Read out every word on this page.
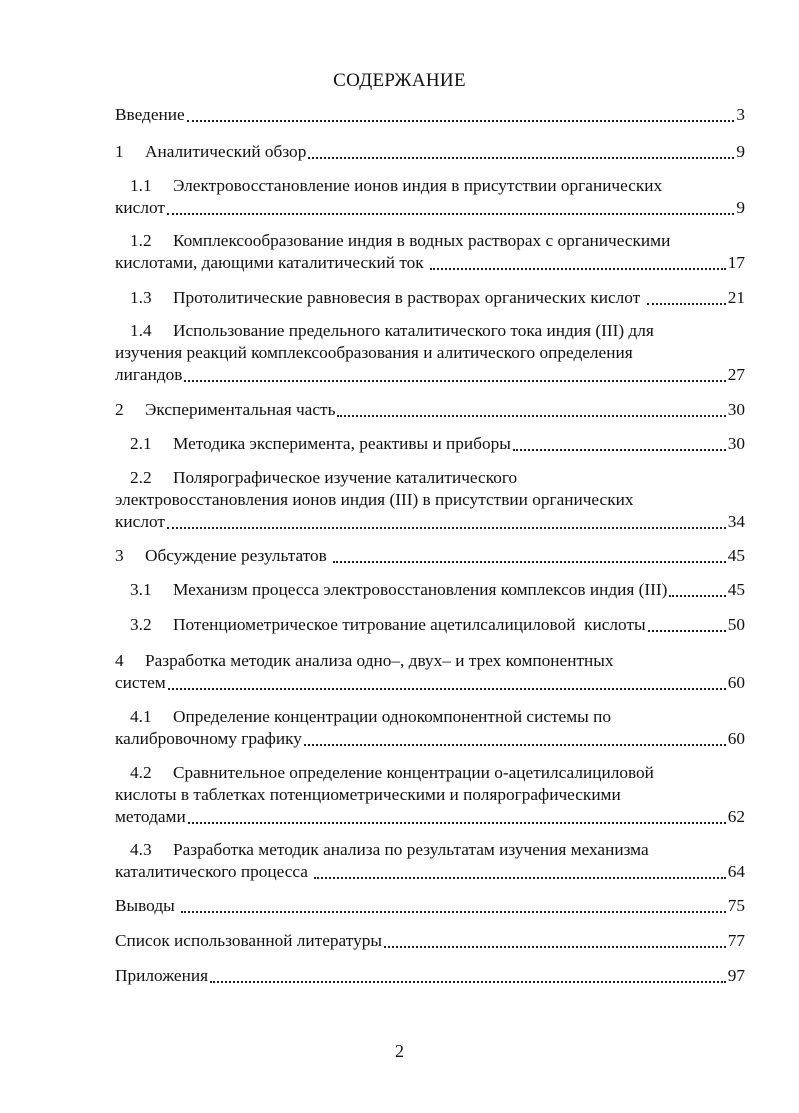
СОДЕРЖАНИЕ
Введение	3
1 Аналитический обзор	9
1.1 Электровосстановление ионов индия в присутствии органических
кислот	9
1.2 Комплексообразование индия в водных растворах с органическими
кислотами, дающими каталитический ток	17
1.3 Протолитические равновесия в растворах органических кислот	21
1.4 Использование предельного каталитического тока индия (III) для
изучения реакций комплексообразования и алитического определения
лигандов	27
2 Экспериментальная часть	30
2.1 Методика эксперимента, реактивы и приборы	30
2.2 Полярографическое изучение каталитического
электровосстановления ионов индия (III) в присутствии органических
кислот	34
3 Обсуждение результатов	45
3.1 Механизм процесса электровосстановления комплексов индия (III)	45
3.2 Потенциометрическое титрование ацетилсалициловой  кислоты	50
4 Разработка методик анализа одно–, двух– и трех компонентных
систем	60
4.1 Определение концентрации однокомпонентной системы по
калибровочному графику	60
4.2 Сравнительное определение концентрации о-ацетилсалициловой
кислоты в таблетках потенциометрическими и полярографическими
методами	62
4.3 Разработка методик анализа по результатам изучения механизма
каталитического процесса	64
Выводы	75
Список использованной литературы	77
Приложения	97
2
